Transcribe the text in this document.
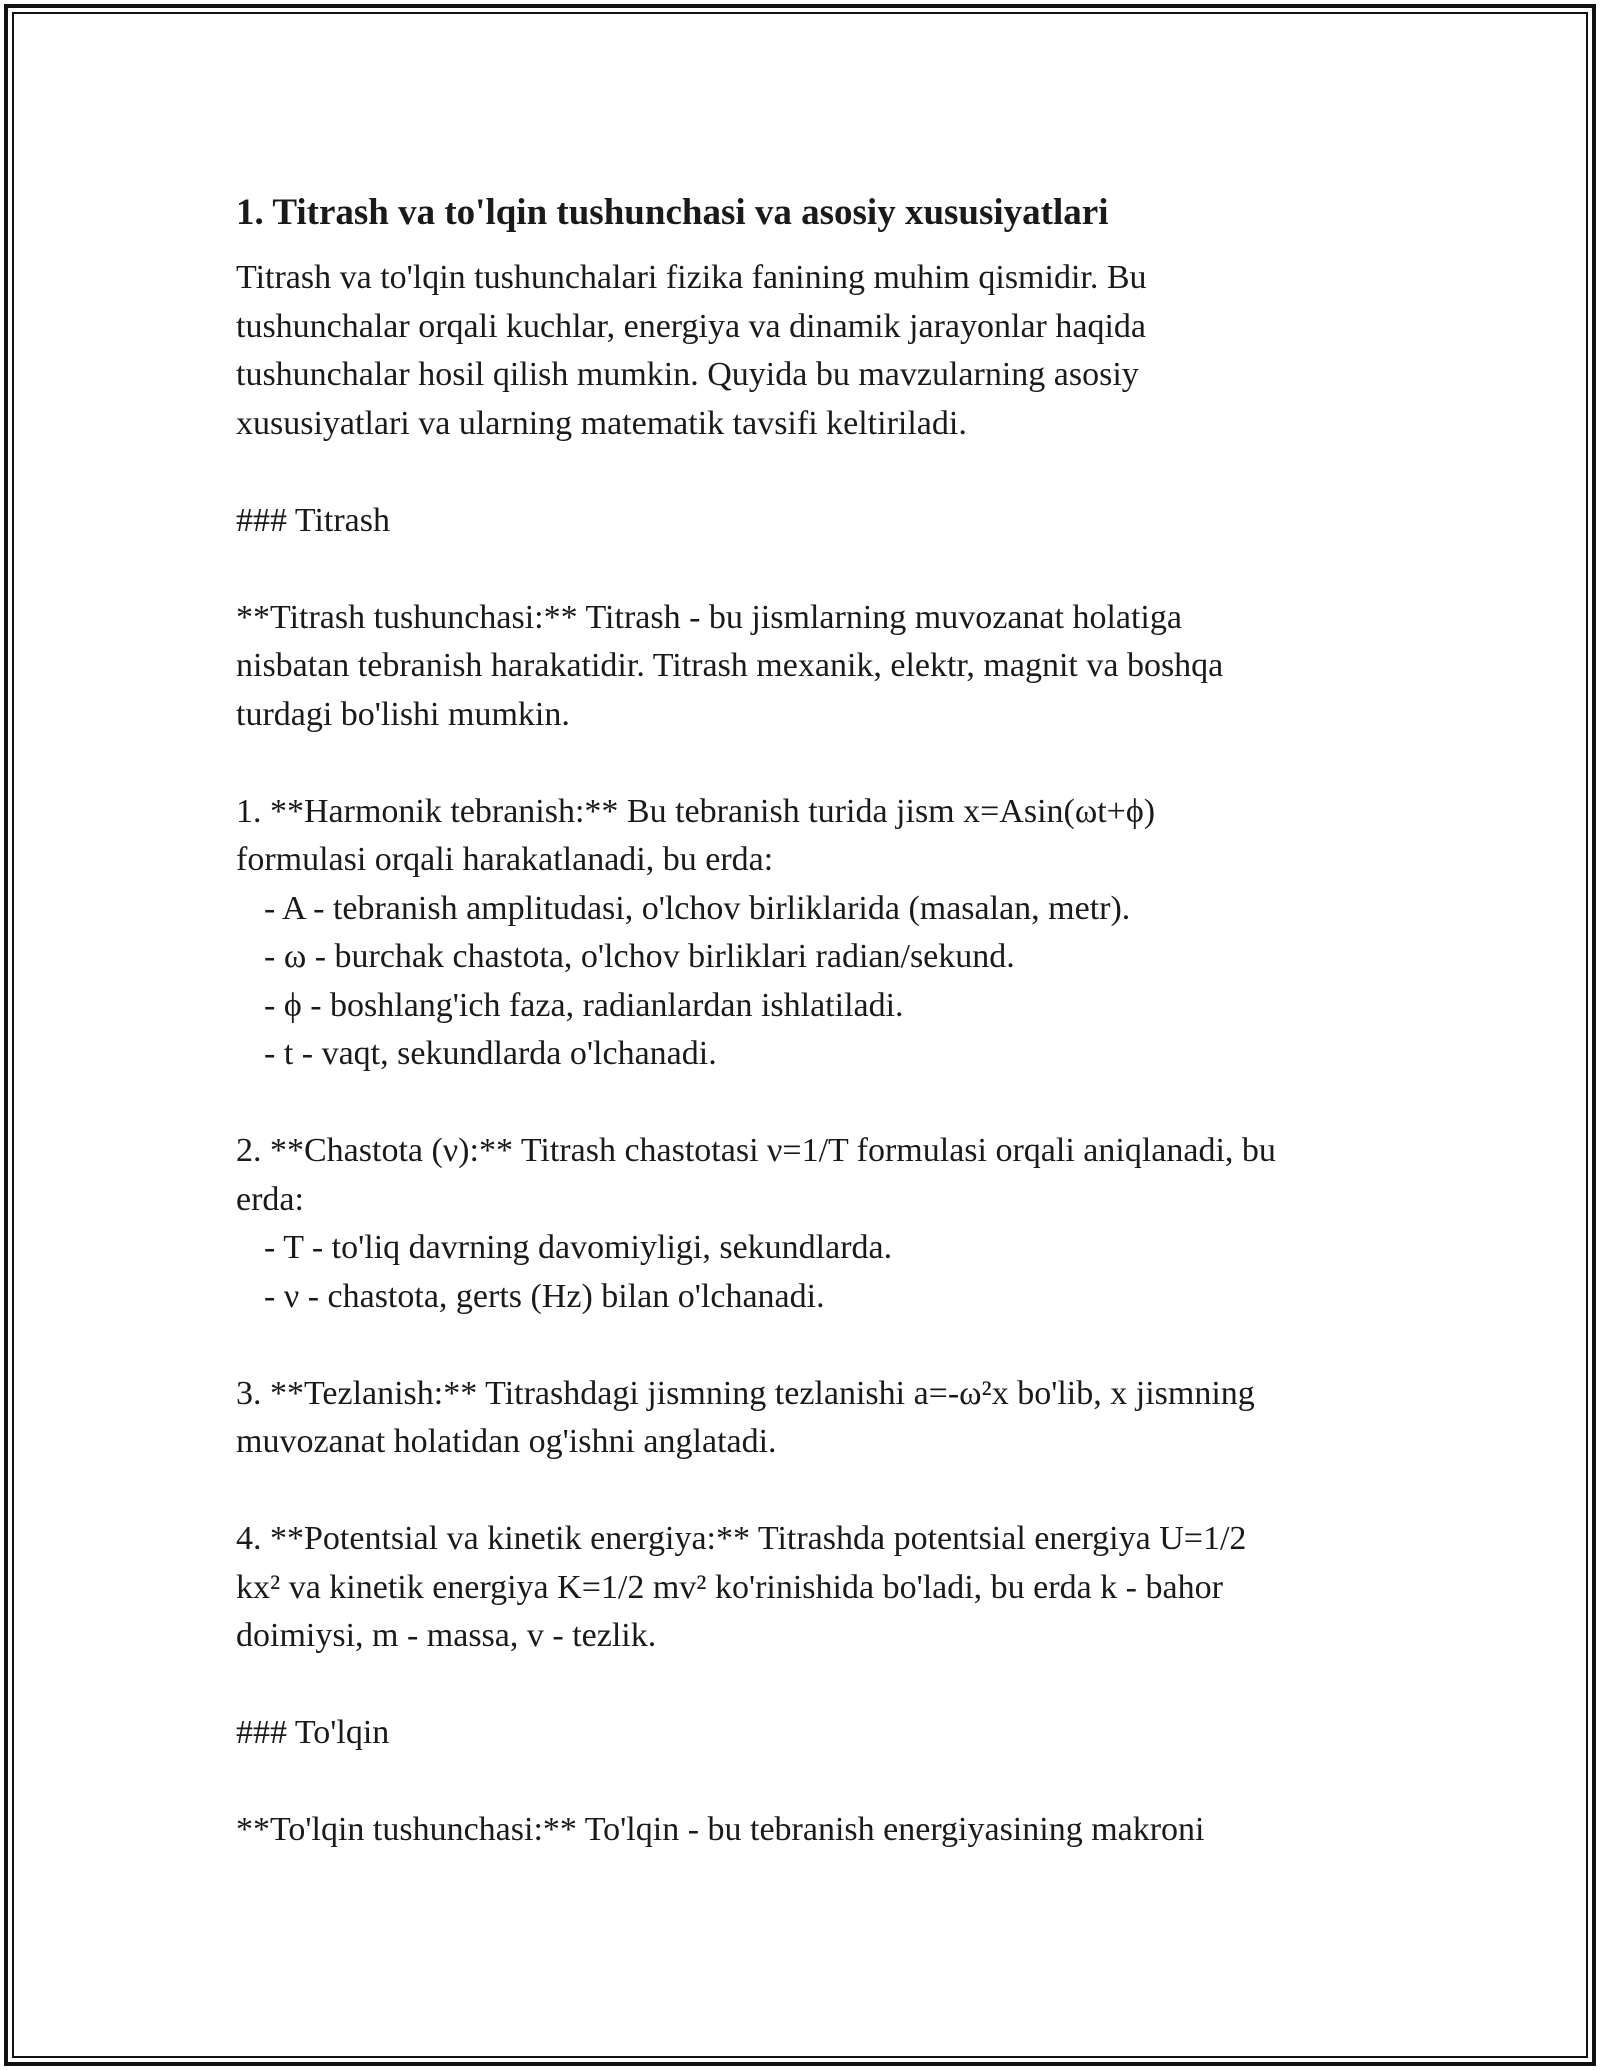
1. Titrash va to'lqin tushunchasi va asosiy xususiyatlari
Titrash va to'lqin tushunchalari fizika fanining muhim qismidir. Bu
tushunchalar orqali kuchlar, energiya va dinamik jarayonlar haqida
tushunchalar hosil qilish mumkin. Quyida bu mavzularning asosiy
xususiyatlari va ularning matematik tavsifi keltiriladi.
### Titrash
**Titrash tushunchasi:** Titrash - bu jismlarning muvozanat holatiga
nisbatan tebranish harakatidir. Titrash mexanik, elektr, magnit va boshqa
turdagi bo'lishi mumkin.
1. **Harmonik tebranish:** Bu tebranish turida jism x=Asin(ωt+ϕ)
formulasi orqali harakatlanadi, bu erda:
- A - tebranish amplitudasi, o'lchov birliklarida (masalan, metr).
- ω - burchak chastota, o'lchov birliklari radian/sekund.
- ϕ - boshlang'ich faza, radianlardan ishlatiladi.
- t - vaqt, sekundlarda o'lchanadi.
2. **Chastota (ν):** Titrash chastotasi ν=1/T formulasi orqali aniqlanadi, bu
erda:
- T - to'liq davrning davomiyligi, sekundlarda.
- ν - chastota, gerts (Hz) bilan o'lchanadi.
3. **Tezlanish:** Titrashdagi jismning tezlanishi a=-ω²x bo'lib, x jismning
muvozanat holatidan og'ishni anglatadi.
4. **Potentsial va kinetik energiya:** Titrashda potentsial energiya U=1/2
kx² va kinetik energiya K=1/2 mv² ko'rinishida bo'ladi, bu erda k - bahor
doimiysi, m - massa, v - tezlik.
### To'lqin
**To'lqin tushunchasi:** To'lqin - bu tebranish energiyasining makroni
